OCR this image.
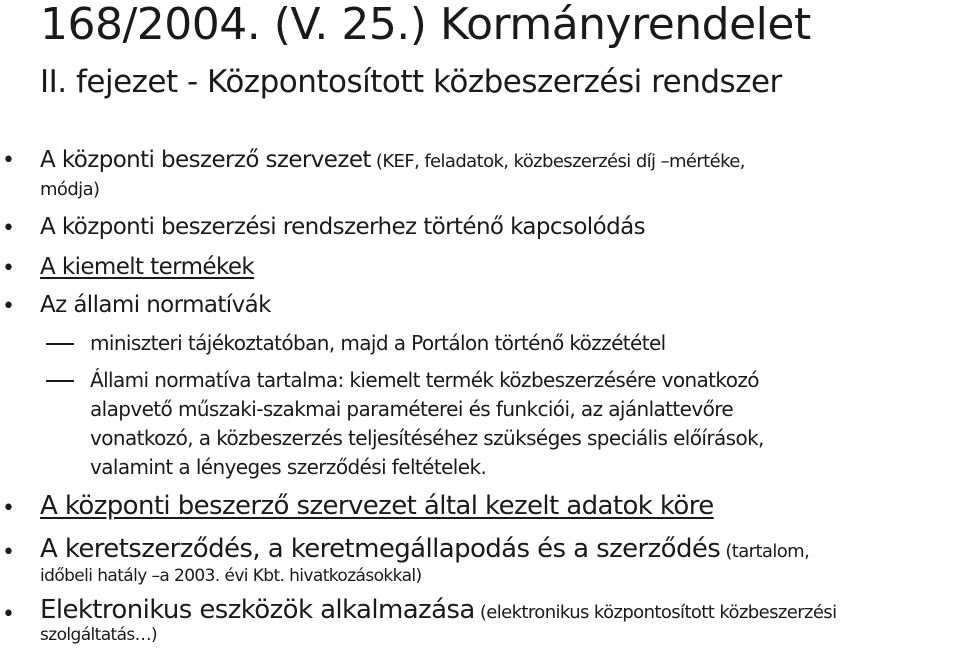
168/2004. (V. 25.) Kormányrendelet
II. fejezet - Központosított közbeszerzési rendszer
• A központi beszerző szervezet (KEF, feladatok, közbeszerzési díj –mértéke,
módja)
• A központi beszerzési rendszerhez történő kapcsolódás
• A kiemelt termékek
• Az állami normatívák
miniszteri tájékoztatóban, majd a Portálon történő közzététel
Állami normatíva tartalma: kiemelt termék közbeszerzésére vonatkozó
alapvető műszaki-szakmai paraméterei és funkciói, az ajánlattevőre
vonatkozó, a közbeszerzés teljesítéséhez szükséges speciális előírások,
valamint a lényeges szerződési feltételek.
• A központi beszerző szervezet által kezelt adatok köre
• A keretszerződés, a keretmegállapodás és a szerződés (tartalom,
időbeli hatály –a 2003. évi Kbt. hivatkozásokkal)
• Elektronikus eszközök alkalmazása (elektronikus központosított közbeszerzési
szolgáltatás…)
